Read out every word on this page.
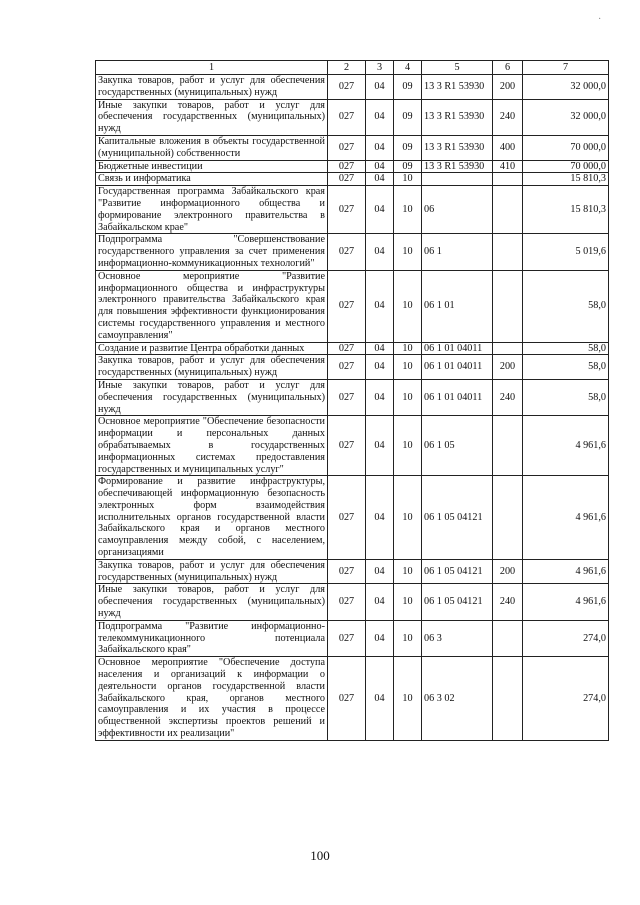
·
1	2	3	4	5	6	7
Закупка товаров, работ и услуг для обеспечения государственных (муниципальных) нужд	027	04	09	13 3 R1 53930	200	32 000,0
Иные закупки товаров, работ и услуг для обеспечения государственных (муниципальных) нужд	027	04	09	13 3 R1 53930	240	32 000,0
Капитальные вложения в объекты государственной (муниципальной) собственности	027	04	09	13 3 R1 53930	400	70 000,0
Бюджетные инвестиции	027	04	09	13 3 R1 53930	410	70 000,0
Связь и информатика	027	04	10			15 810,3
Государственная программа Забайкальского края "Развитие информационного общества и формирование электронного правительства в Забайкальском крае"	027	04	10	06		15 810,3
Подпрограмма "Совершенствование государственного управления за счет применения информационно-коммуникационных технологий"	027	04	10	06 1		5 019,6
Основное мероприятие "Развитие информационного общества и инфраструктуры электронного правительства Забайкальского края для повышения эффективности функционирования системы государственного управления и местного самоуправления"	027	04	10	06 1 01		58,0
Создание и развитие Центра обработки данных	027	04	10	06 1 01 04011		58,0
Закупка товаров, работ и услуг для обеспечения государственных (муниципальных) нужд	027	04	10	06 1 01 04011	200	58,0
Иные закупки товаров, работ и услуг для обеспечения государственных (муниципальных) нужд	027	04	10	06 1 01 04011	240	58,0
Основное мероприятие "Обеспечение безопасности информации и персональных данных обрабатываемых в государственных информационных системах предоставления государственных и муниципальных услуг"	027	04	10	06 1 05		4 961,6
Формирование и развитие инфраструктуры, обеспечивающей информационную безопасность электронных форм взаимодействия исполнительных органов государственной власти Забайкальского края и органов местного самоуправления между собой, с населением, организациями	027	04	10	06 1 05 04121		4 961,6
Закупка товаров, работ и услуг для обеспечения государственных (муниципальных) нужд	027	04	10	06 1 05 04121	200	4 961,6
Иные закупки товаров, работ и услуг для обеспечения государственных (муниципальных) нужд	027	04	10	06 1 05 04121	240	4 961,6
Подпрограмма "Развитие информационно-телекоммуникационного потенциала Забайкальского края"	027	04	10	06 3		274,0
Основное мероприятие "Обеспечение доступа населения и организаций к информации о деятельности органов государственной власти Забайкальского края, органов местного самоуправления и их участия в процессе общественной экспертизы проектов решений и эффективности их реализации"	027	04	10	06 3 02		274,0
100
